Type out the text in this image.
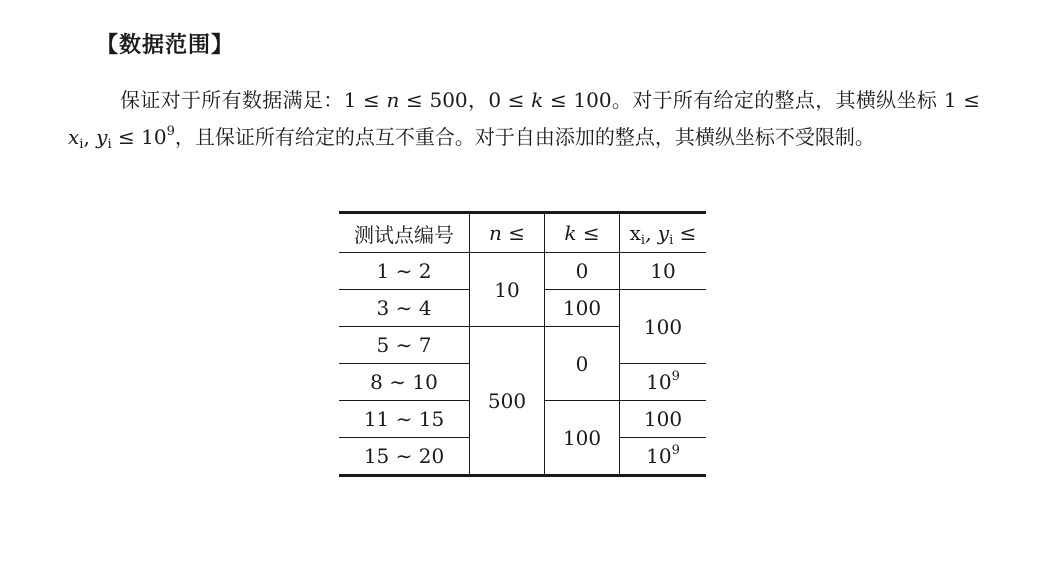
【数据范围】
保证对于所有数据满足：1 ≤ n ≤ 500，0 ≤ k ≤ 100。对于所有给定的整点，其横纵坐标 $1 \le x_i$, $y_i \le 10^9$，且保证所有给定的点互不重合。对于自由添加的整点，其横纵坐标不受限制。
测试点编号	n ≤	k ≤	$x_i$, $y_i$ ≤
1 ∼ 2	10	0	10
3 ∼ 4		100	100
5 ∼ 7	500	0	
8 ∼ 10			$10^9$
11 ∼ 15		100	100
15 ∼ 20			$10^9$
